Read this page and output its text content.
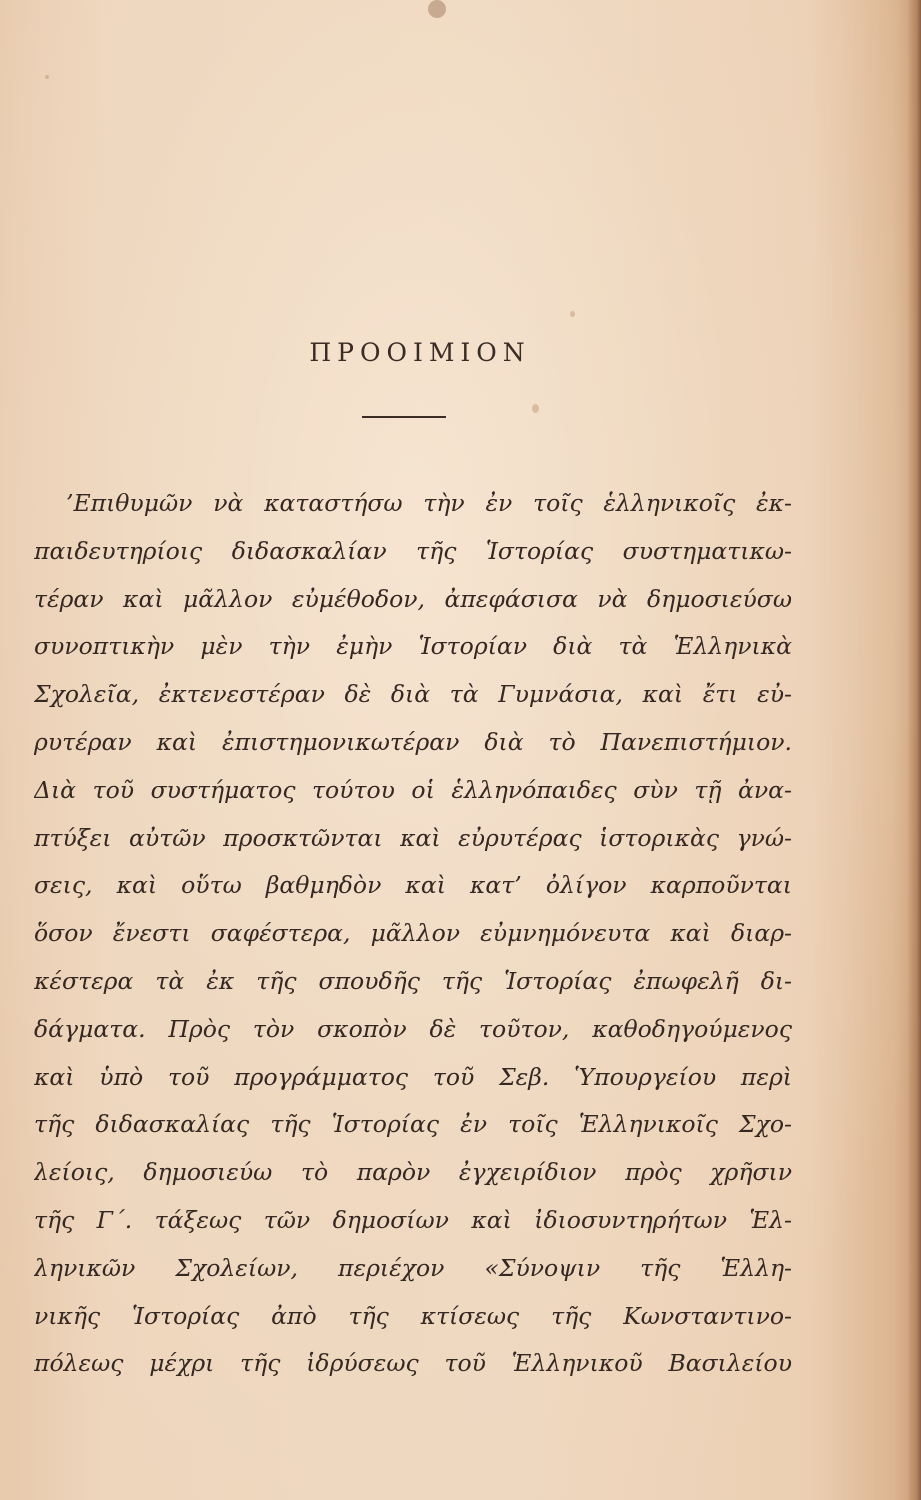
ΠΡΟΟΙΜΙΟΝ
’Επιθυμῶν νὰ καταστήσω τὴν ἐν τοῖς ἑλληνικοῖς ἐκ-
παιδευτηρίοις διδασκαλίαν τῆς Ἱστορίας συστηματικω-
τέραν καὶ μᾶλλον εὐμέθοδον, ἀπεφάσισα νὰ δημοσιεύσω
συνοπτικὴν μὲν τὴν ἐμὴν Ἱστορίαν διὰ τὰ Ἑλληνικὰ
Σχολεῖα, ἐκτενεστέραν δὲ διὰ τὰ Γυμνάσια, καὶ ἔτι εὐ-
ρυτέραν καὶ ἐπιστημονικωτέραν διὰ τὸ Πανεπιστήμιον.
Διὰ τοῦ συστήματος τούτου οἱ ἑλληνόπαιδες σὺν τῇ ἀνα-
πτύξει αὐτῶν προσκτῶνται καὶ εὐρυτέρας ἱστορικὰς γνώ-
σεις, καὶ οὕτω βαθμηδὸν καὶ κατ’ ὀλίγον καρποῦνται
ὅσον ἔνεστι σαφέστερα, μᾶλλον εὐμνημόνευτα καὶ διαρ-
κέστερα τὰ ἐκ τῆς σπουδῆς τῆς Ἱστορίας ἐπωφελῆ δι-
δάγματα. Πρὸς τὸν σκοπὸν δὲ τοῦτον, καθοδηγούμενος
καὶ ὑπὸ τοῦ προγράμματος τοῦ Σεβ. Ὑπουργείου περὶ
τῆς διδασκαλίας τῆς Ἱστορίας ἐν τοῖς Ἑλληνικοῖς Σχο-
λείοις, δημοσιεύω τὸ παρὸν ἐγχειρίδιον πρὸς χρῆσιν
τῆς Γ΄. τάξεως τῶν δημοσίων καὶ ἰδιοσυντηρήτων Ἑλ-
ληνικῶν Σχολείων, περιέχον «Σύνοψιν τῆς Ἑλλη-
νικῆς Ἱστορίας ἀπὸ τῆς κτίσεως τῆς Κωνσταντινο-
πόλεως μέχρι τῆς ἱδρύσεως τοῦ Ἑλληνικοῦ Βασιλείου
